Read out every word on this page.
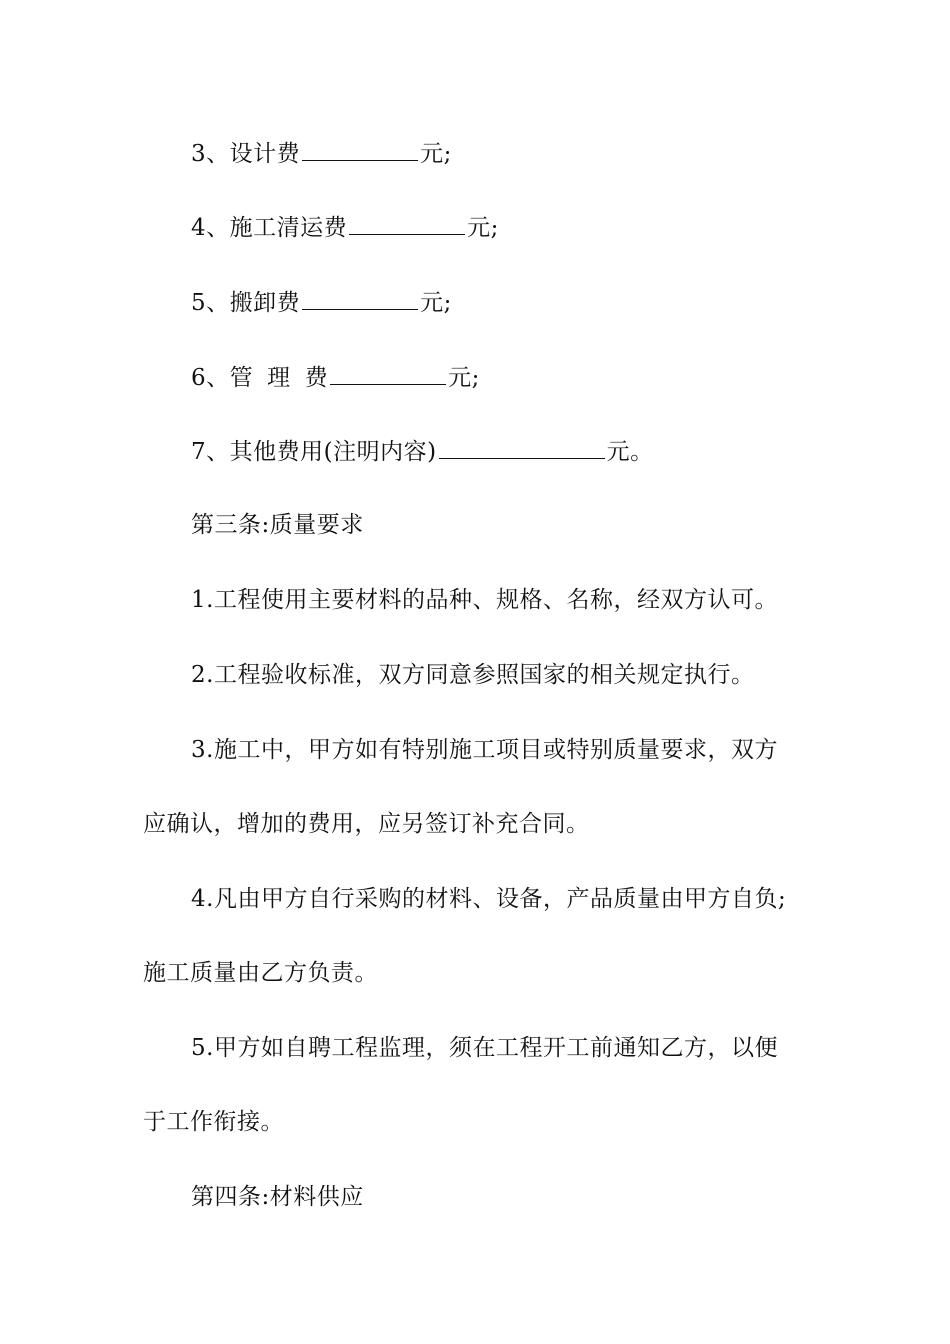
3、设计费	元;
4、施工清运费	元;
5、搬卸费	元;
6、管 理 费	元;
7、其他费用(注明内容)	元。
第三条:质量要求
1.工程使用主要材料的品种、规格、名称，经双方认可。
2.工程验收标准，双方同意参照国家的相关规定执行。
3.施工中，甲方如有特别施工项目或特别质量要求，双方
应确认，增加的费用，应另签订补充合同。
4.凡由甲方自行采购的材料、设备，产品质量由甲方自负;
施工质量由乙方负责。
5.甲方如自聘工程监理，须在工程开工前通知乙方，以便
于工作衔接。
第四条:材料供应
